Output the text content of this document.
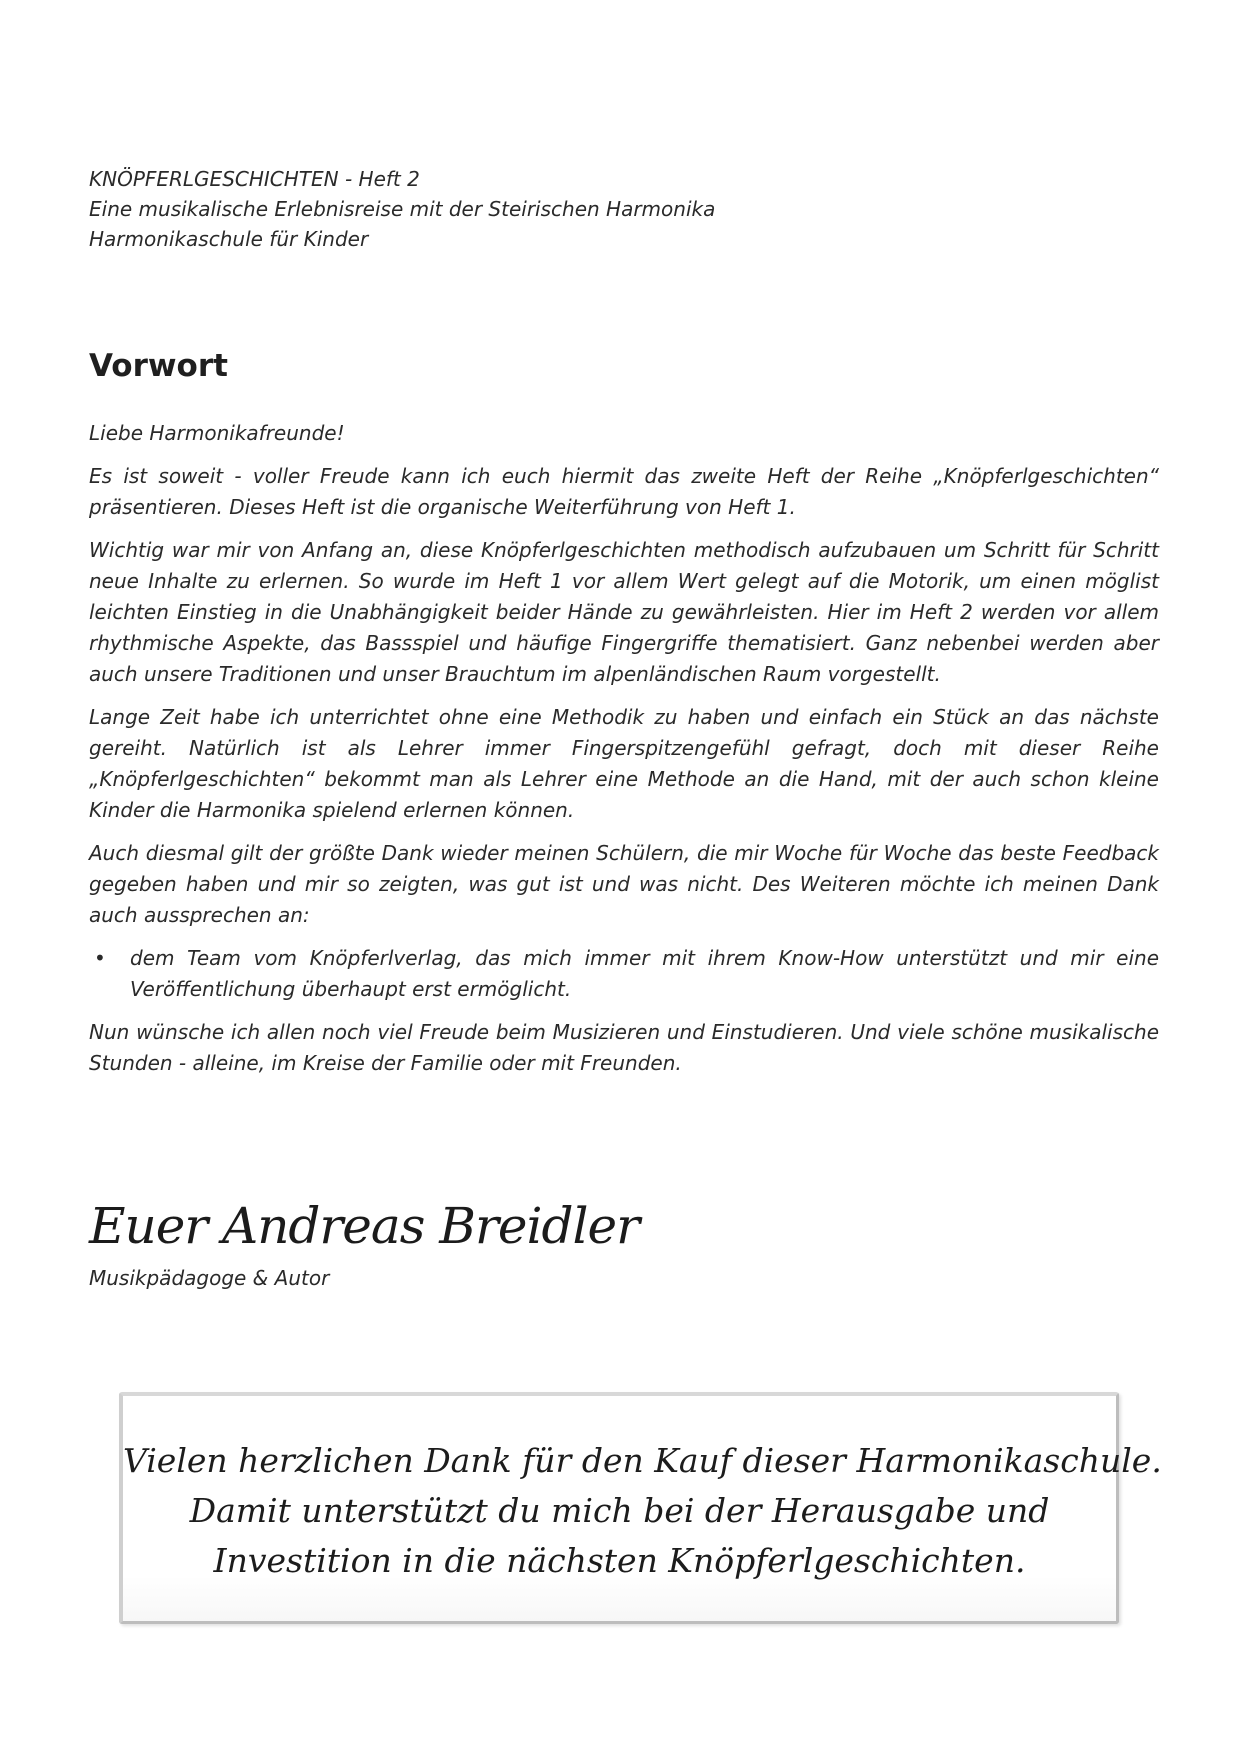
KNÖPFERLGESCHICHTEN - Heft 2
Eine musikalische Erlebnisreise mit der Steirischen Harmonika
Harmonikaschule für Kinder
Vorwort

Liebe Harmonikafreunde!

Es ist soweit - voller Freude kann ich euch hiermit das zweite Heft der Reihe „Knöpferlgeschichten“ präsentieren. Dieses Heft ist die organische Weiterführung von Heft 1.

Wichtig war mir von Anfang an, diese Knöpferlgeschichten methodisch aufzubauen um Schritt für Schritt neue Inhalte zu erlernen. So wurde im Heft 1 vor allem Wert gelegt auf die Motorik, um einen möglist leichten Einstieg in die Unabhängigkeit beider Hände zu gewährleisten. Hier im Heft 2 werden vor allem rhythmische Aspekte, das Bassspiel und häufige Fingergriffe thematisiert. Ganz nebenbei werden aber auch unsere Traditionen und unser Brauchtum im alpenländischen Raum vorgestellt.

Lange Zeit habe ich unterrichtet ohne eine Methodik zu haben und einfach ein Stück an das nächste gereiht. Natürlich ist als Lehrer immer Fingerspitzengefühl gefragt, doch mit dieser Reihe „Knöpferlgeschichten“ bekommt man als Lehrer eine Methode an die Hand, mit der auch schon kleine Kinder die Harmonika spielend erlernen können.

Auch diesmal gilt der größte Dank wieder meinen Schülern, die mir Woche für Woche das beste Feedback gegeben haben und mir so zeigten, was gut ist und was nicht. Des Weiteren möchte ich meinen Dank auch aussprechen an:

• dem Team vom Knöpferlverlag, das mich immer mit ihrem Know-How unterstützt und mir eine Veröffentlichung überhaupt erst ermöglicht.

Nun wünsche ich allen noch viel Freude beim Musizieren und Einstudieren. Und viele schöne musikalische Stunden - alleine, im Kreise der Familie oder mit Freunden.

Euer Andreas Breidler
Musikpädagoge & Autor
Vielen herzlichen Dank für den Kauf dieser Harmonikaschule.
Damit unterstützt du mich bei der Herausgabe und
Investition in die nächsten Knöpferlgeschichten.
